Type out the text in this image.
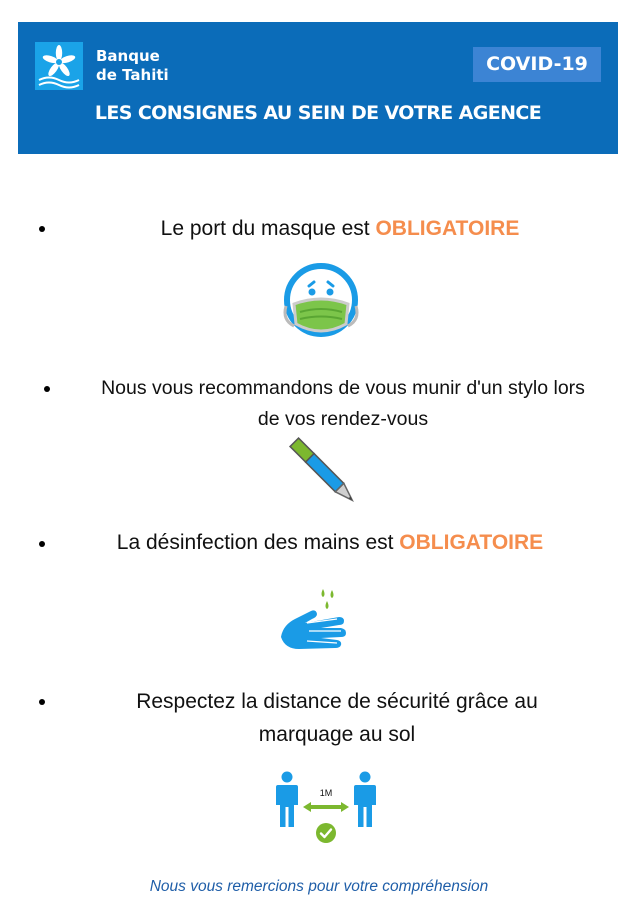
Banque
de Tahiti	COVID-19
LES CONSIGNES AU SEIN DE VOTRE AGENCE
Le port du masque est OBLIGATOIRE
Nous vous recommandons de vous munir d'un stylo lors
de vos rendez-vous
La désinfection des mains est OBLIGATOIRE
Respectez la distance de sécurité grâce au
marquage au sol
1M
Nous vous remercions pour votre compréhension
